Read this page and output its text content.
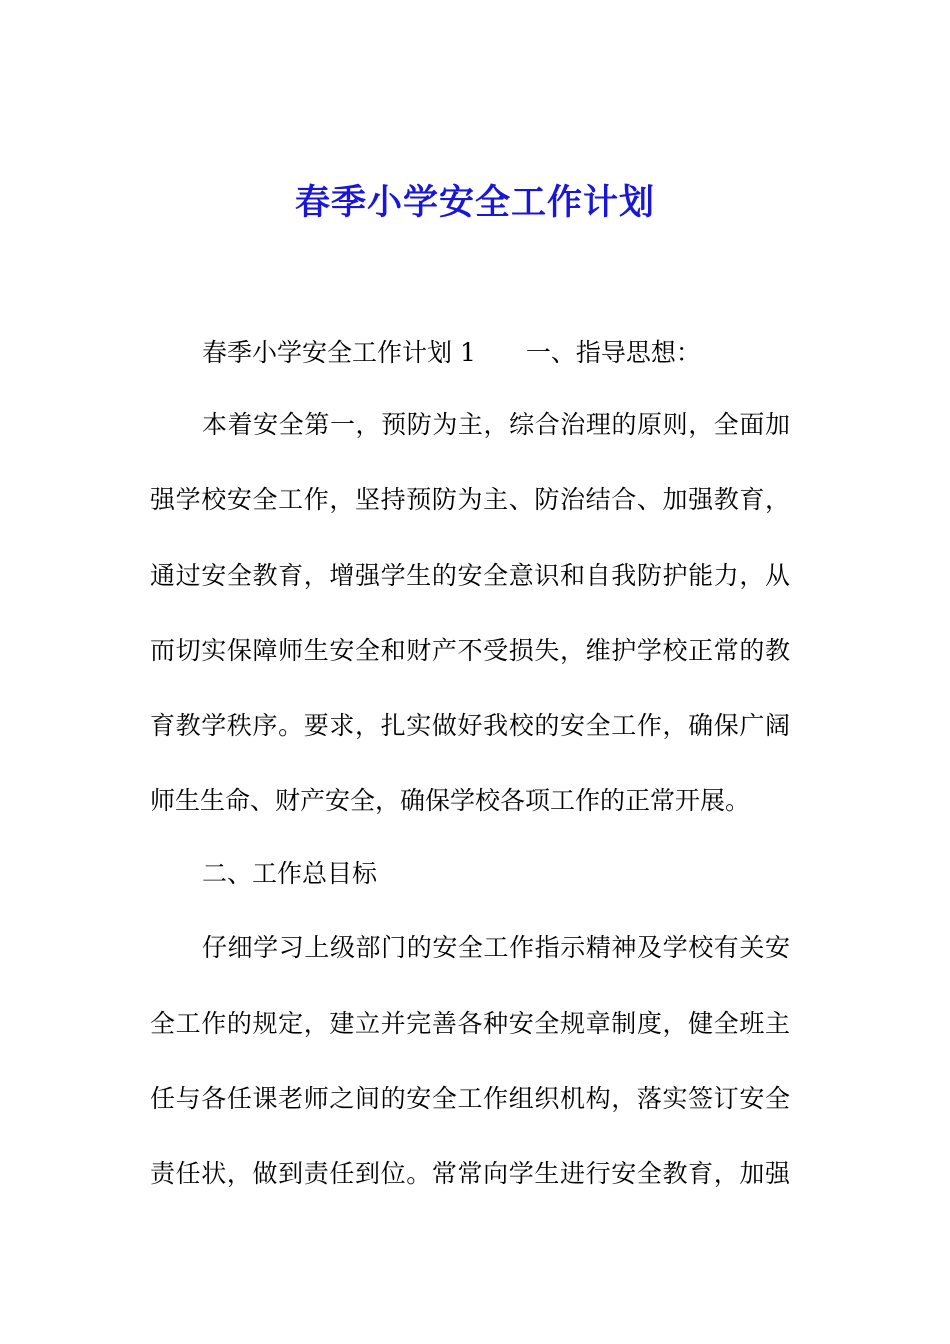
春季小学安全工作计划
春季小学安全工作计划 1 一、指导思想：
本着安全第一，预防为主，综合治理的原则，全面加
强学校安全工作，坚持预防为主、防治结合、加强教育，
通过安全教育，增强学生的安全意识和自我防护能力，从
而切实保障师生安全和财产不受损失，维护学校正常的教
育教学秩序。要求，扎实做好我校的安全工作，确保广阔
师生生命、财产安全，确保学校各项工作的正常开展。
二、工作总目标
仔细学习上级部门的安全工作指示精神及学校有关安
全工作的规定，建立并完善各种安全规章制度，健全班主
任与各任课老师之间的安全工作组织机构，落实签订安全
责任状，做到责任到位。常常向学生进行安全教育，加强
